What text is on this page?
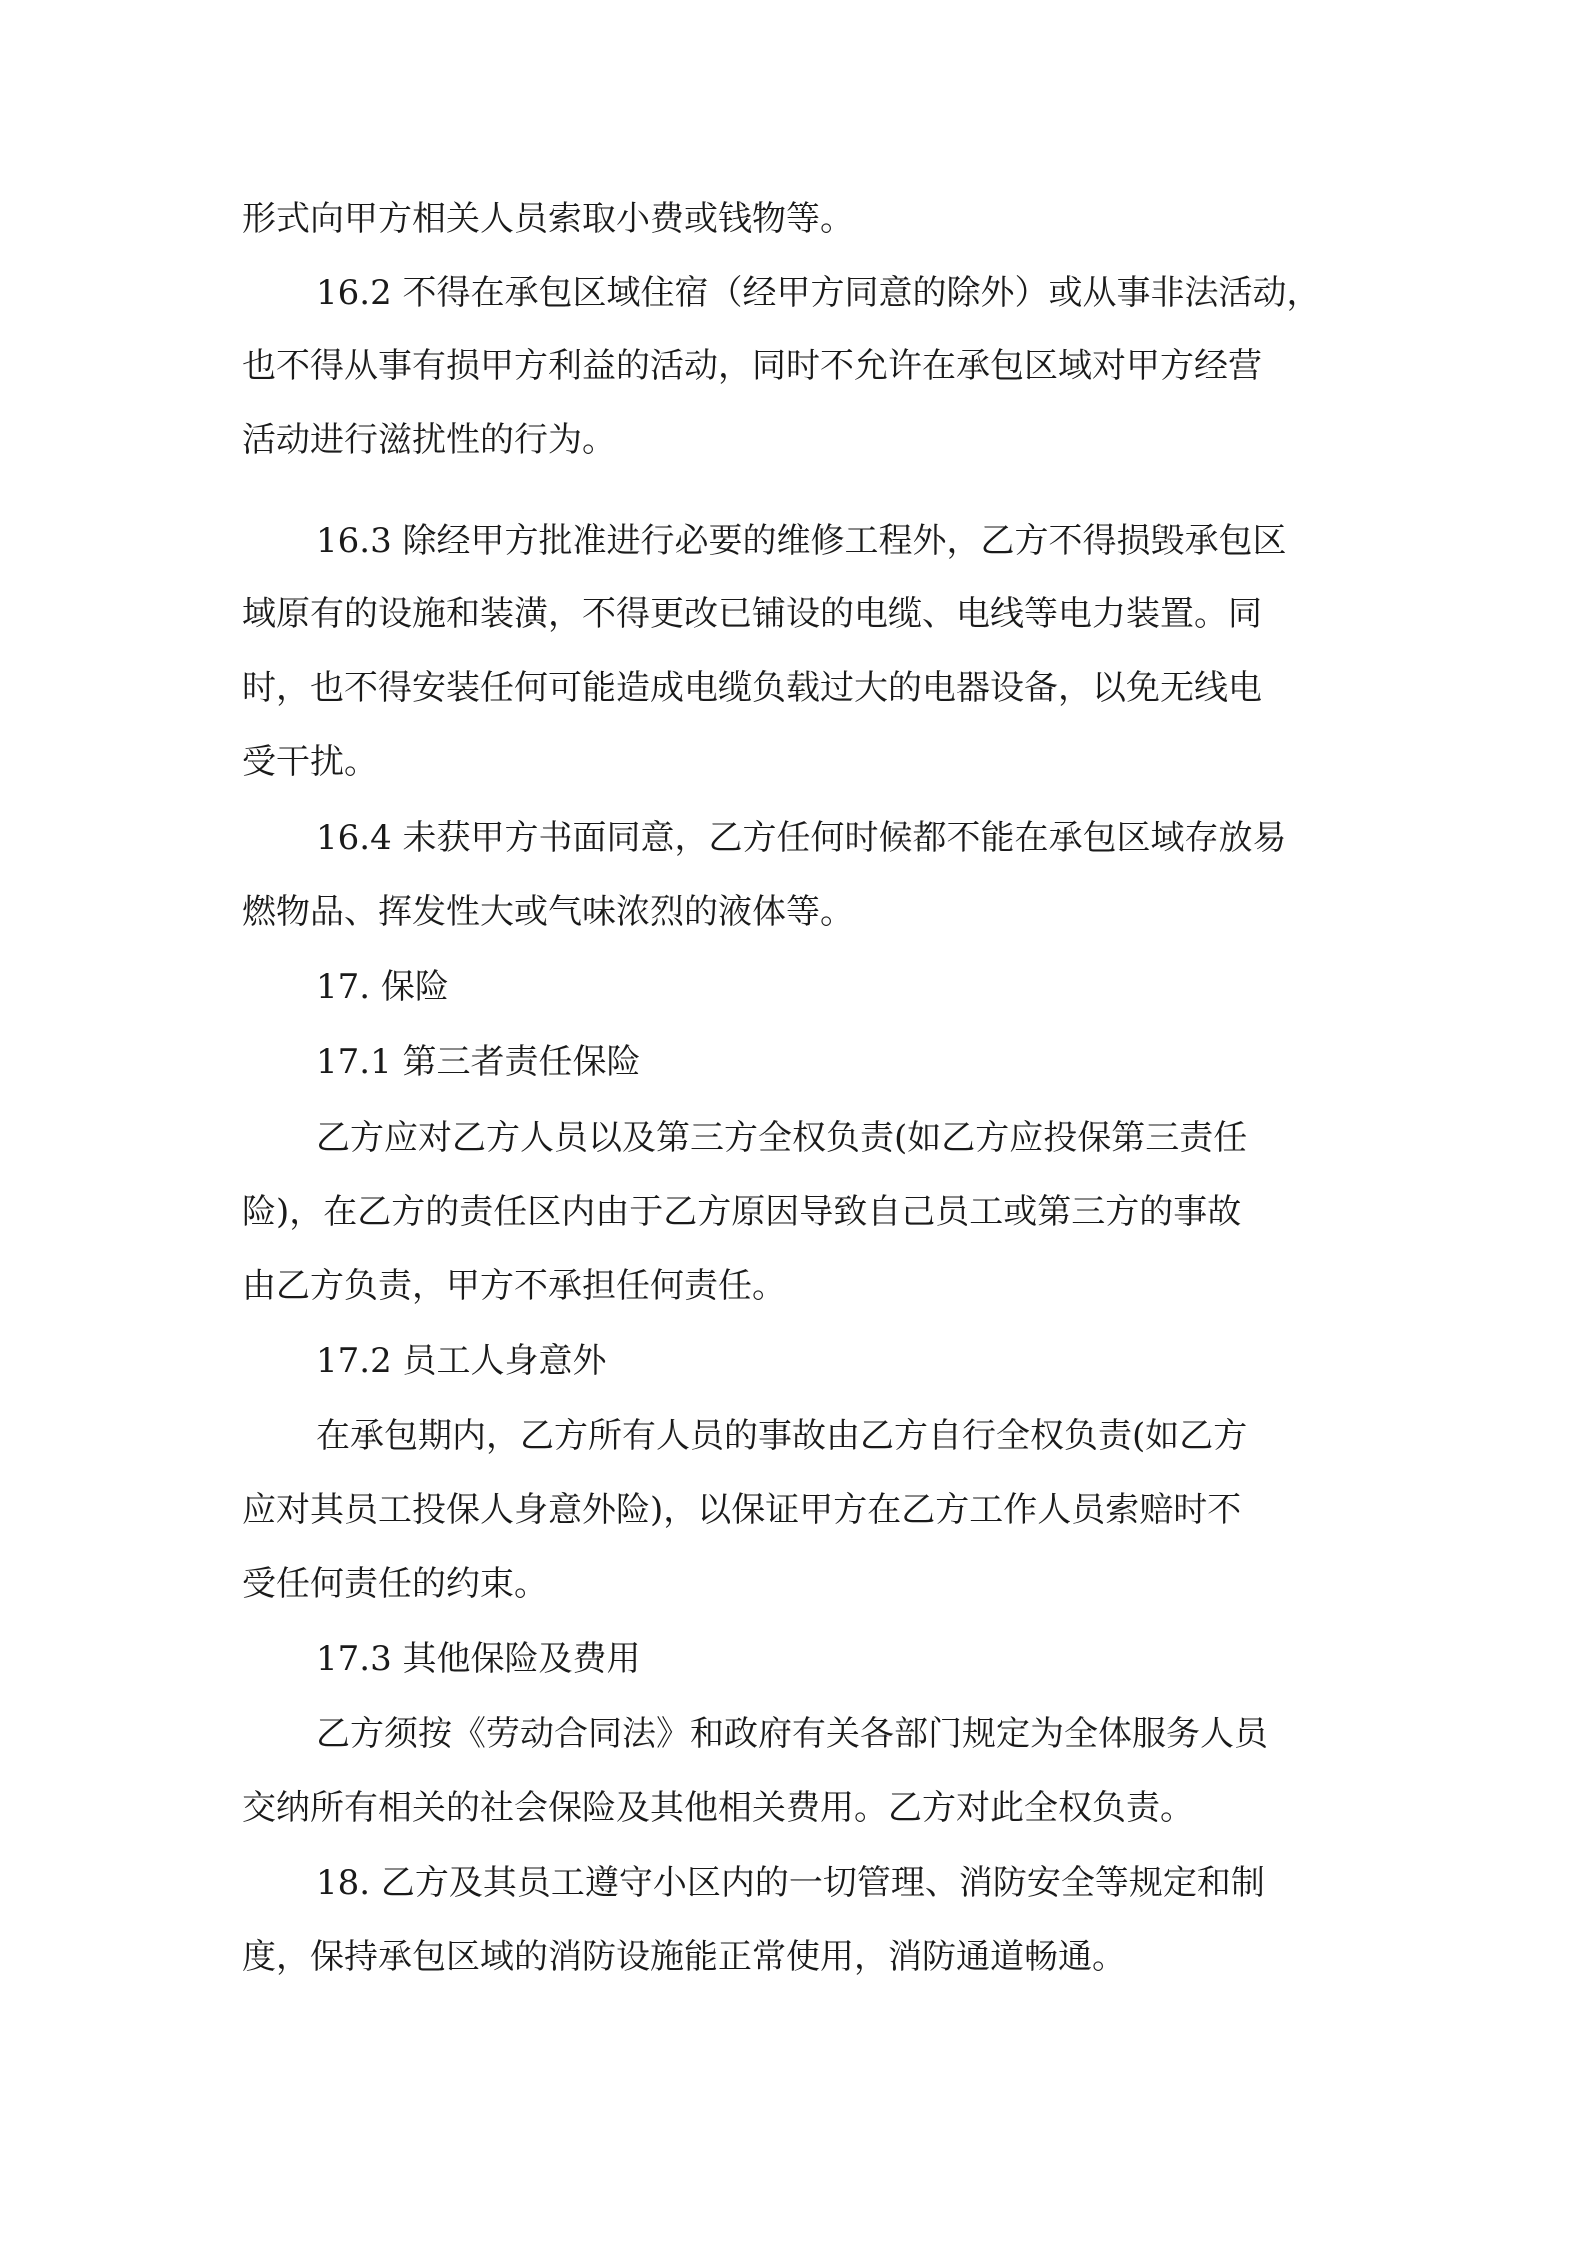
形式向甲方相关人员索取小费或钱物等。
16.2 不得在承包区域住宿（经甲方同意的除外）或从事非法活动，
也不得从事有损甲方利益的活动，同时不允许在承包区域对甲方经营
活动进行滋扰性的行为。
16.3 除经甲方批准进行必要的维修工程外，乙方不得损毁承包区
域原有的设施和装潢，不得更改已铺设的电缆、电线等电力装置。同
时，也不得安装任何可能造成电缆负载过大的电器设备，以免无线电
受干扰。
16.4 未获甲方书面同意，乙方任何时候都不能在承包区域存放易
燃物品、挥发性大或气味浓烈的液体等。
17. 保险
17.1 第三者责任保险
乙方应对乙方人员以及第三方全权负责(如乙方应投保第三责任
险)，在乙方的责任区内由于乙方原因导致自己员工或第三方的事故
由乙方负责，甲方不承担任何责任。
17.2 员工人身意外
在承包期内，乙方所有人员的事故由乙方自行全权负责(如乙方
应对其员工投保人身意外险)，以保证甲方在乙方工作人员索赔时不
受任何责任的约束。
17.3 其他保险及费用
乙方须按《劳动合同法》和政府有关各部门规定为全体服务人员
交纳所有相关的社会保险及其他相关费用。乙方对此全权负责。
18. 乙方及其员工遵守小区内的一切管理、消防安全等规定和制
度，保持承包区域的消防设施能正常使用，消防通道畅通。
